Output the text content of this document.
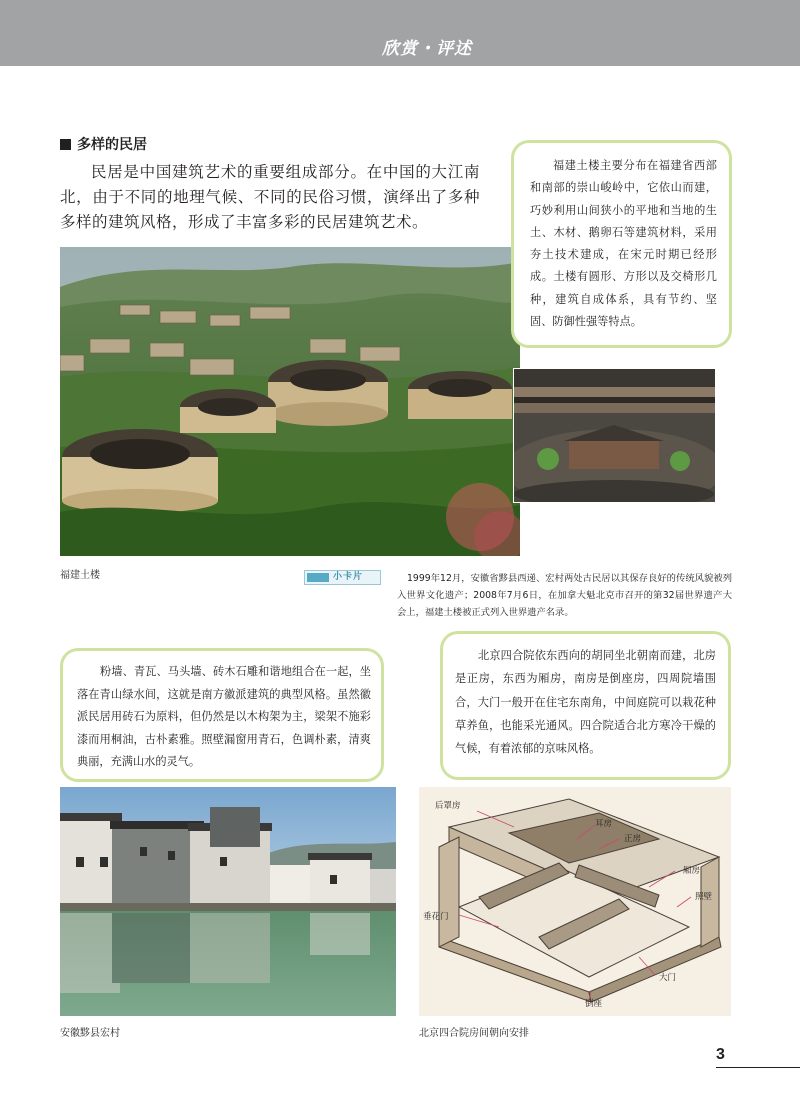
欣赏・评述
多样的民居

民居是中国建筑艺术的重要组成部分。在中国的大江南北，由于不同的地理气候、不同的民俗习惯，演绎出了多种多样的建筑风格，形成了丰富多彩的民居建筑艺术。

福建土楼主要分布在福建省西部和南部的崇山峻岭中，它依山而建，巧妙利用山间狭小的平地和当地的生土、木材、鹅卵石等建筑材料，采用夯土技术建成，在宋元时期已经形成。土楼有圆形、方形以及交椅形几种，建筑自成体系，具有节约、坚固、防御性强等特点。

福建土楼	小卡片	1999年12月，安徽省黟县西递、宏村两处古民居以其保存良好的传统风貌被列入世界文化遗产；2008年7月6日，在加拿大魁北克市召开的第32届世界遗产大会上，福建土楼被正式列入世界遗产名录。

粉墙、青瓦、马头墙、砖木石雕和谐地组合在一起，坐落在青山绿水间，这就是南方徽派建筑的典型风格。虽然徽派民居用砖石为原料，但仍然是以木构架为主，梁架不施彩漆而用桐油，古朴素雅。照壁漏窗用青石，色调朴素，清爽典丽，充满山水的灵气。

北京四合院依东西向的胡同坐北朝南而建，北房是正房，东西为厢房，南房是倒座房，四周院墙围合，大门一般开在住宅东南角，中间庭院可以栽花种草养鱼，也能采光通风。四合院适合北方寒冷干燥的气候，有着浓郁的京味风格。

后罩房
耳房
正房
厢房
照壁
垂花门
大门
倒座

安徽黟县宏村	北京四合院房间朝向安排

3
